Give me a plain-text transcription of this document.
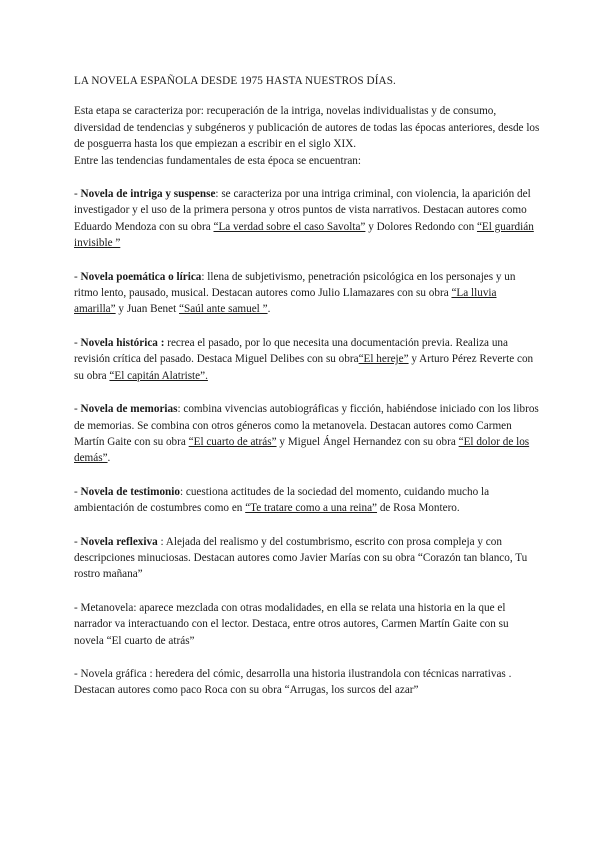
LA NOVELA ESPAÑOLA DESDE 1975 HASTA NUESTROS DÍAS.

Esta etapa se caracteriza por: recuperación de la intriga, novelas individualistas y de consumo, diversidad de tendencias y subgéneros y publicación de autores de todas las épocas anteriores, desde los de posguerra hasta los que empiezan a escribir en el siglo XIX.

Entre las tendencias fundamentales de esta época se encuentran:

- Novela de intriga y suspense: se caracteriza por una intriga criminal, con violencia, la aparición del investigador y el uso de la primera persona y otros puntos de vista narrativos. Destacan autores como Eduardo Mendoza con su obra “La verdad sobre el caso Savolta” y Dolores Redondo con “El guardián invisible ”

- Novela poemática o lírica: llena de subjetivismo, penetración psicológica en los personajes y un ritmo lento, pausado, musical. Destacan autores como Julio Llamazares con su obra “La lluvia amarilla” y Juan Benet “Saúl ante samuel ”.

- Novela histórica : recrea el pasado, por lo que necesita una documentación previa. Realiza una revisión crítica del pasado. Destaca Miguel Delibes con su obra“El hereje” y Arturo Pérez Reverte con su obra “El capitán Alatriste”.

- Novela de memorias: combina vivencias autobiográficas y ficción, habiéndose iniciado con los libros de memorias. Se combina con otros géneros como la metanovela. Destacan autores como Carmen Martín Gaite con su obra “El cuarto de atrás” y Miguel Ángel Hernandez con su obra “El dolor de los demás”.

- Novela de testimonio: cuestiona actitudes de la sociedad del momento, cuidando mucho la ambientación de costumbres como en “Te tratare como a una reina” de Rosa Montero.

- Novela reflexiva : Alejada del realismo y del costumbrismo, escrito con prosa compleja y con descripciones minuciosas. Destacan autores como Javier Marías con su obra “Corazón tan blanco, Tu rostro mañana”

- Metanovela: aparece mezclada con otras modalidades, en ella se relata una historia en la que el narrador va interactuando con el lector. Destaca, entre otros autores, Carmen Martín Gaite con su novela “El cuarto de atrás”

- Novela gráfica : heredera del cómic, desarrolla una historia ilustrandola con técnicas narrativas . Destacan autores como paco Roca con su obra “Arrugas, los surcos del azar”
